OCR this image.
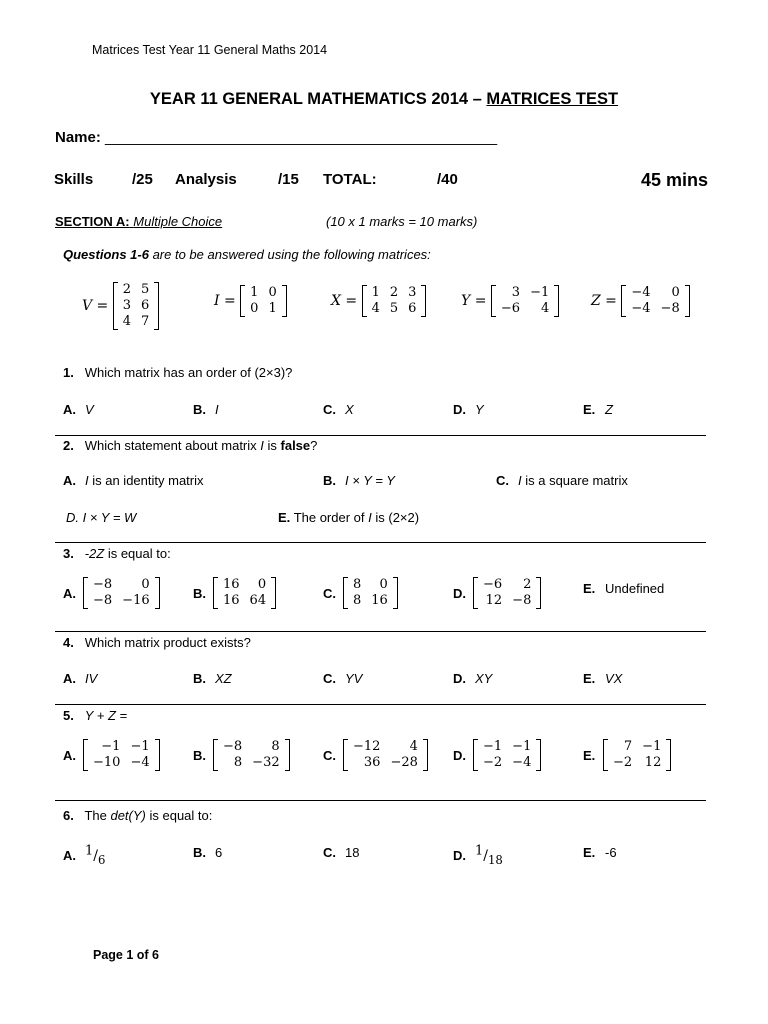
Matrices Test Year 11 General Maths 2014
YEAR 11 GENERAL MATHEMATICS 2014 – MATRICES TEST
Name: _______________________________________________
Skills	/25 Analysis	/15 TOTAL:	/40	45 mins
SECTION A: Multiple Choice	(10 x 1 marks = 10 marks)
Questions 1-6 are to be answered using the following matrices:
V =
2	5
3	6
4	7
I =
1	0
0	1	X =
1	2	3
4	5	6	Y =
3	−1
−6	4	Z =
−4	0
−4	−8
1. Which matrix has an order of (2×3)?
A. V	B. I	C. X	D. Y	E. Z
2. Which statement about matrix I is false?
A. I is an identity matrix	B. I × Y = Y	C. I is a square matrix
D. I × Y = W	E. The order of I is (2×2)
3. -2Z is equal to:
A.
−8	0
−8	−16	B.
16	0
16	64	C.
8	0
8	16	D.
−6	2
12	−8
E. Undefined
4. Which matrix product exists?
A. IV	B. XZ	C. YV	D. XY	E. VX
5. Y + Z =
A.
−1	−1
−10	−4	B.
−8	8
8	−32	C.
−12	4
36	−28	D.
−1	−1
−2	−4	E.
7	−1
−2	12
6. The det(Y) is equal to:
A. $^1/_6$	B. 6	C. 18	D. $^1/_{18}$	E. -6
Page 1 of 6
